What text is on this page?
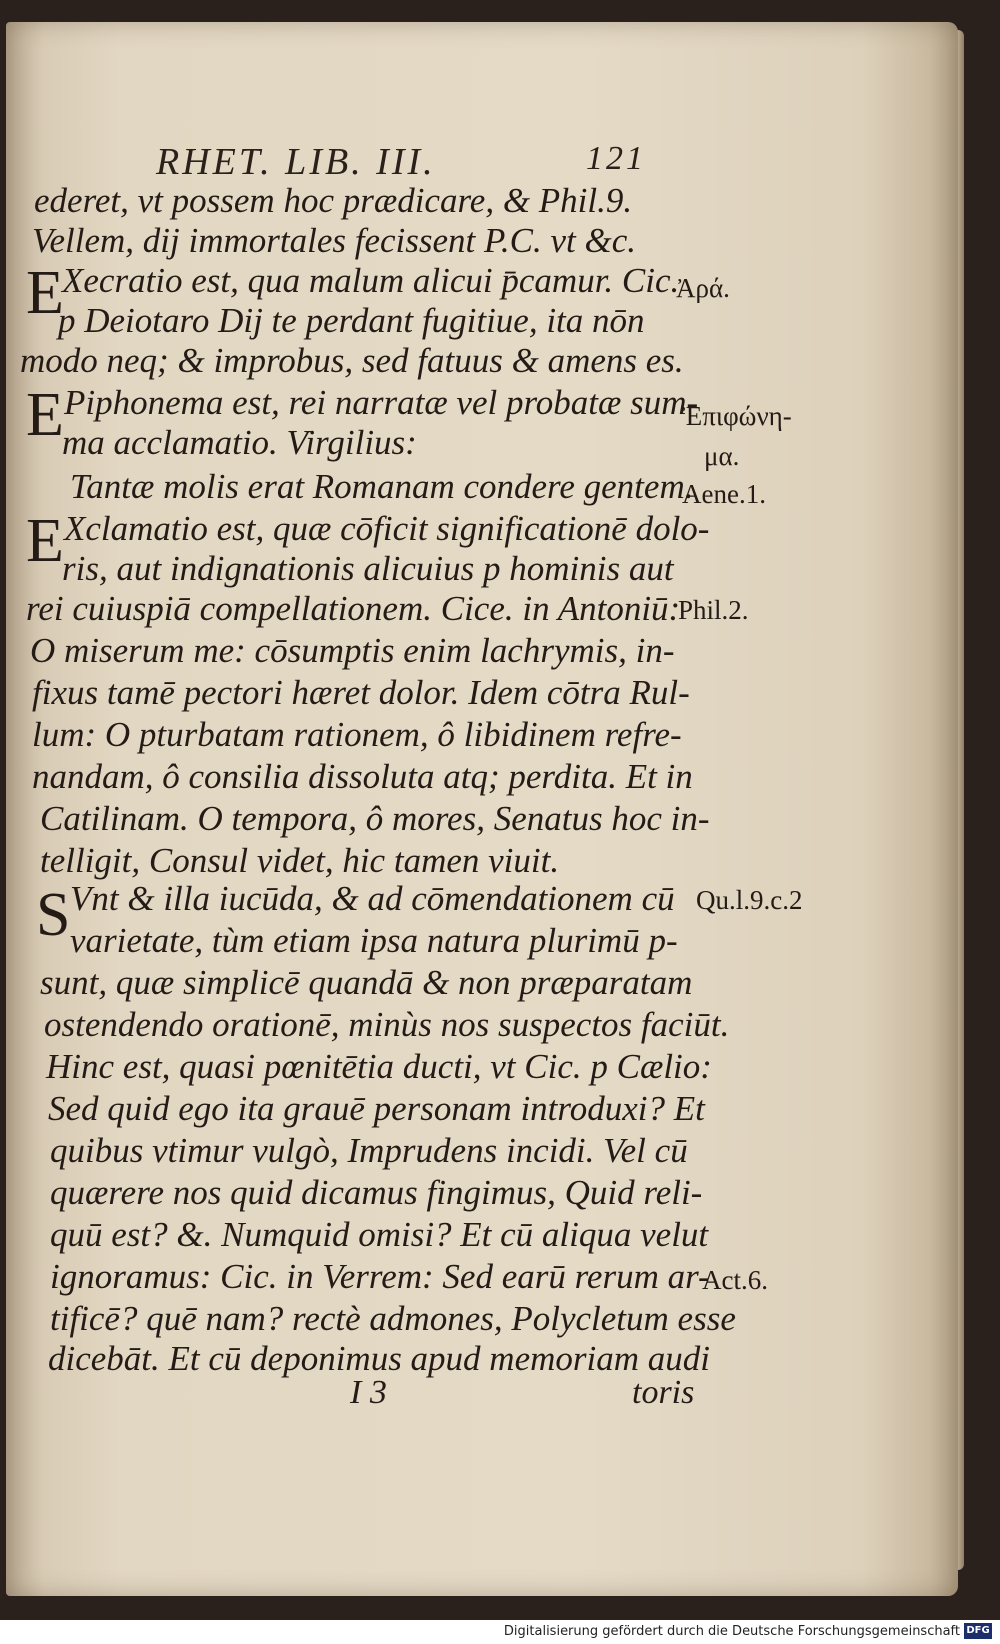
RHET. LIB. III.	121
ederet, vt possem hoc prædicare, & Phil.9.
Vellem, dij immortales fecissent P.C. vt &c.
E
Xecratio est, qua malum alicui p̄camur. Cic.
p Deiotaro Dij te perdant fugitiue, ita nōn
modo neq; & improbus, sed fatuus & amens es.
E Piphonema est, rei narratæ vel probatæ sum-
ma acclamatio. Virgilius:
Tantæ molis erat Romanam condere gentem.
E Xclamatio est, quæ cōficit significationē dolo-
ris, aut indignationis alicuius p hominis aut
rei cuiuspiā compellationem. Cice. in Antoniū:
O miserum me: cōsumptis enim lachrymis, in-
fixus tamē pectori hæret dolor. Idem cōtra Rul-
lum: O pturbatam rationem, ô libidinem refre-
nandam, ô consilia dissoluta atq; perdita. Et in
Catilinam. O tempora, ô mores, Senatus hoc in-
telligit, Consul videt, hic tamen viuit.
S Vnt & illa iucūda, & ad cōmendationem cū
varietate, tùm etiam ipsa natura plurimū p-
sunt, quæ simplicē quandā & non præparatam
ostendendo orationē, minùs nos suspectos faciūt.
Hinc est, quasi pœnitētia ducti, vt Cic. p Cælio:
Sed quid ego ita grauē personam introduxi? Et
quibus vtimur vulgò, Imprudens incidi. Vel cū
quærere nos quid dicamus fingimus, Quid reli-
quū est? &. Numquid omisi? Et cū aliqua velut
ignoramus: Cic. in Verrem: Sed earū rerum ar-
tificē? quē nam? rectè admones, Polycletum esse
dicebāt. Et cū deponimus apud memoriam audi
Ἀρά.
Ἐπιφώνη-
μα.
Aene.1.
Phil.2.
Qu.l.9.c.2
Act.6.
I 3	toris
Digitalisierung gefördert durch die Deutsche Forschungsgemeinschaft DFG
